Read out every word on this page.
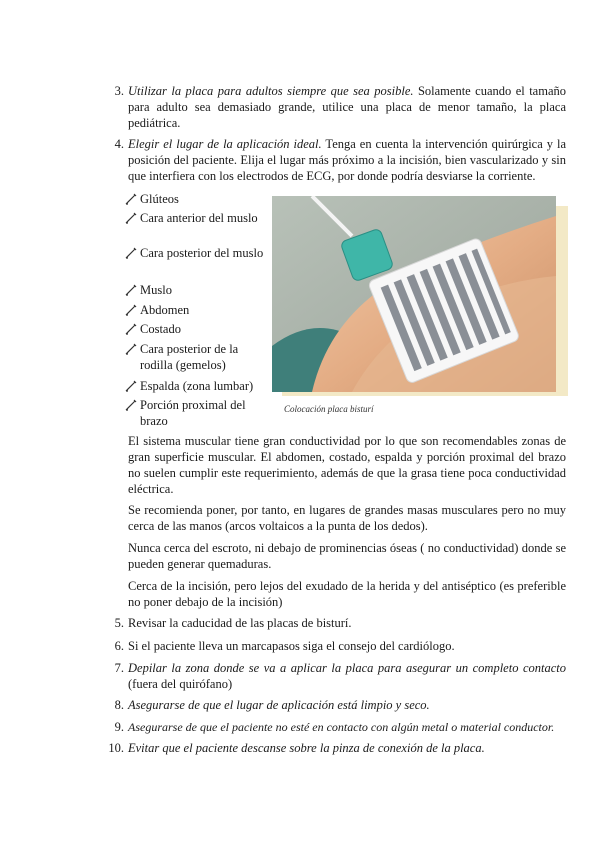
3. Utilizar la placa para adultos siempre que sea posible. Solamente cuando el tamaño para adulto sea demasiado grande, utilice una placa de menor tamaño, la placa pediátrica.
4. Elegir el lugar de la aplicación ideal. Tenga en cuenta la intervención quirúrgica y la posición del paciente. Elija el lugar más próximo a la incisión, bien vascularizado y sin que interfiera con los electrodos de ECG, por donde podría desviarse la corriente.
Glúteos
Cara anterior del muslo
Cara posterior del muslo
Muslo
Abdomen
Costado
Cara posterior de la rodilla (gemelos)
Espalda (zona lumbar)
Porción proximal del brazo
Colocación placa bisturí
El sistema muscular tiene gran conductividad por lo que son recomendables zonas de gran superficie muscular. El abdomen, costado, espalda y porción proximal del brazo no suelen cumplir este requerimiento, además de que la grasa tiene poca conductividad eléctrica.
Se recomienda poner, por tanto, en lugares de grandes masas musculares pero no muy cerca de las manos (arcos voltaicos a la punta de los dedos).
Nunca cerca del escroto, ni debajo de prominencias óseas ( no conductividad) donde se pueden generar quemaduras.
Cerca de la incisión, pero lejos del exudado de la herida y del antiséptico (es preferible no poner debajo de la incisión)
5. Revisar la caducidad de las placas de bisturí.
6. Si el paciente lleva un marcapasos siga el consejo del cardiólogo.
7. Depilar la zona donde se va a aplicar la placa para asegurar un completo contacto (fuera del quirófano)
8. Asegurarse de que el lugar de aplicación está limpio y seco.
9. Asegurarse de que el paciente no esté en contacto con algún metal o material conductor.
10. Evitar que el paciente descanse sobre la pinza de conexión de la placa.
